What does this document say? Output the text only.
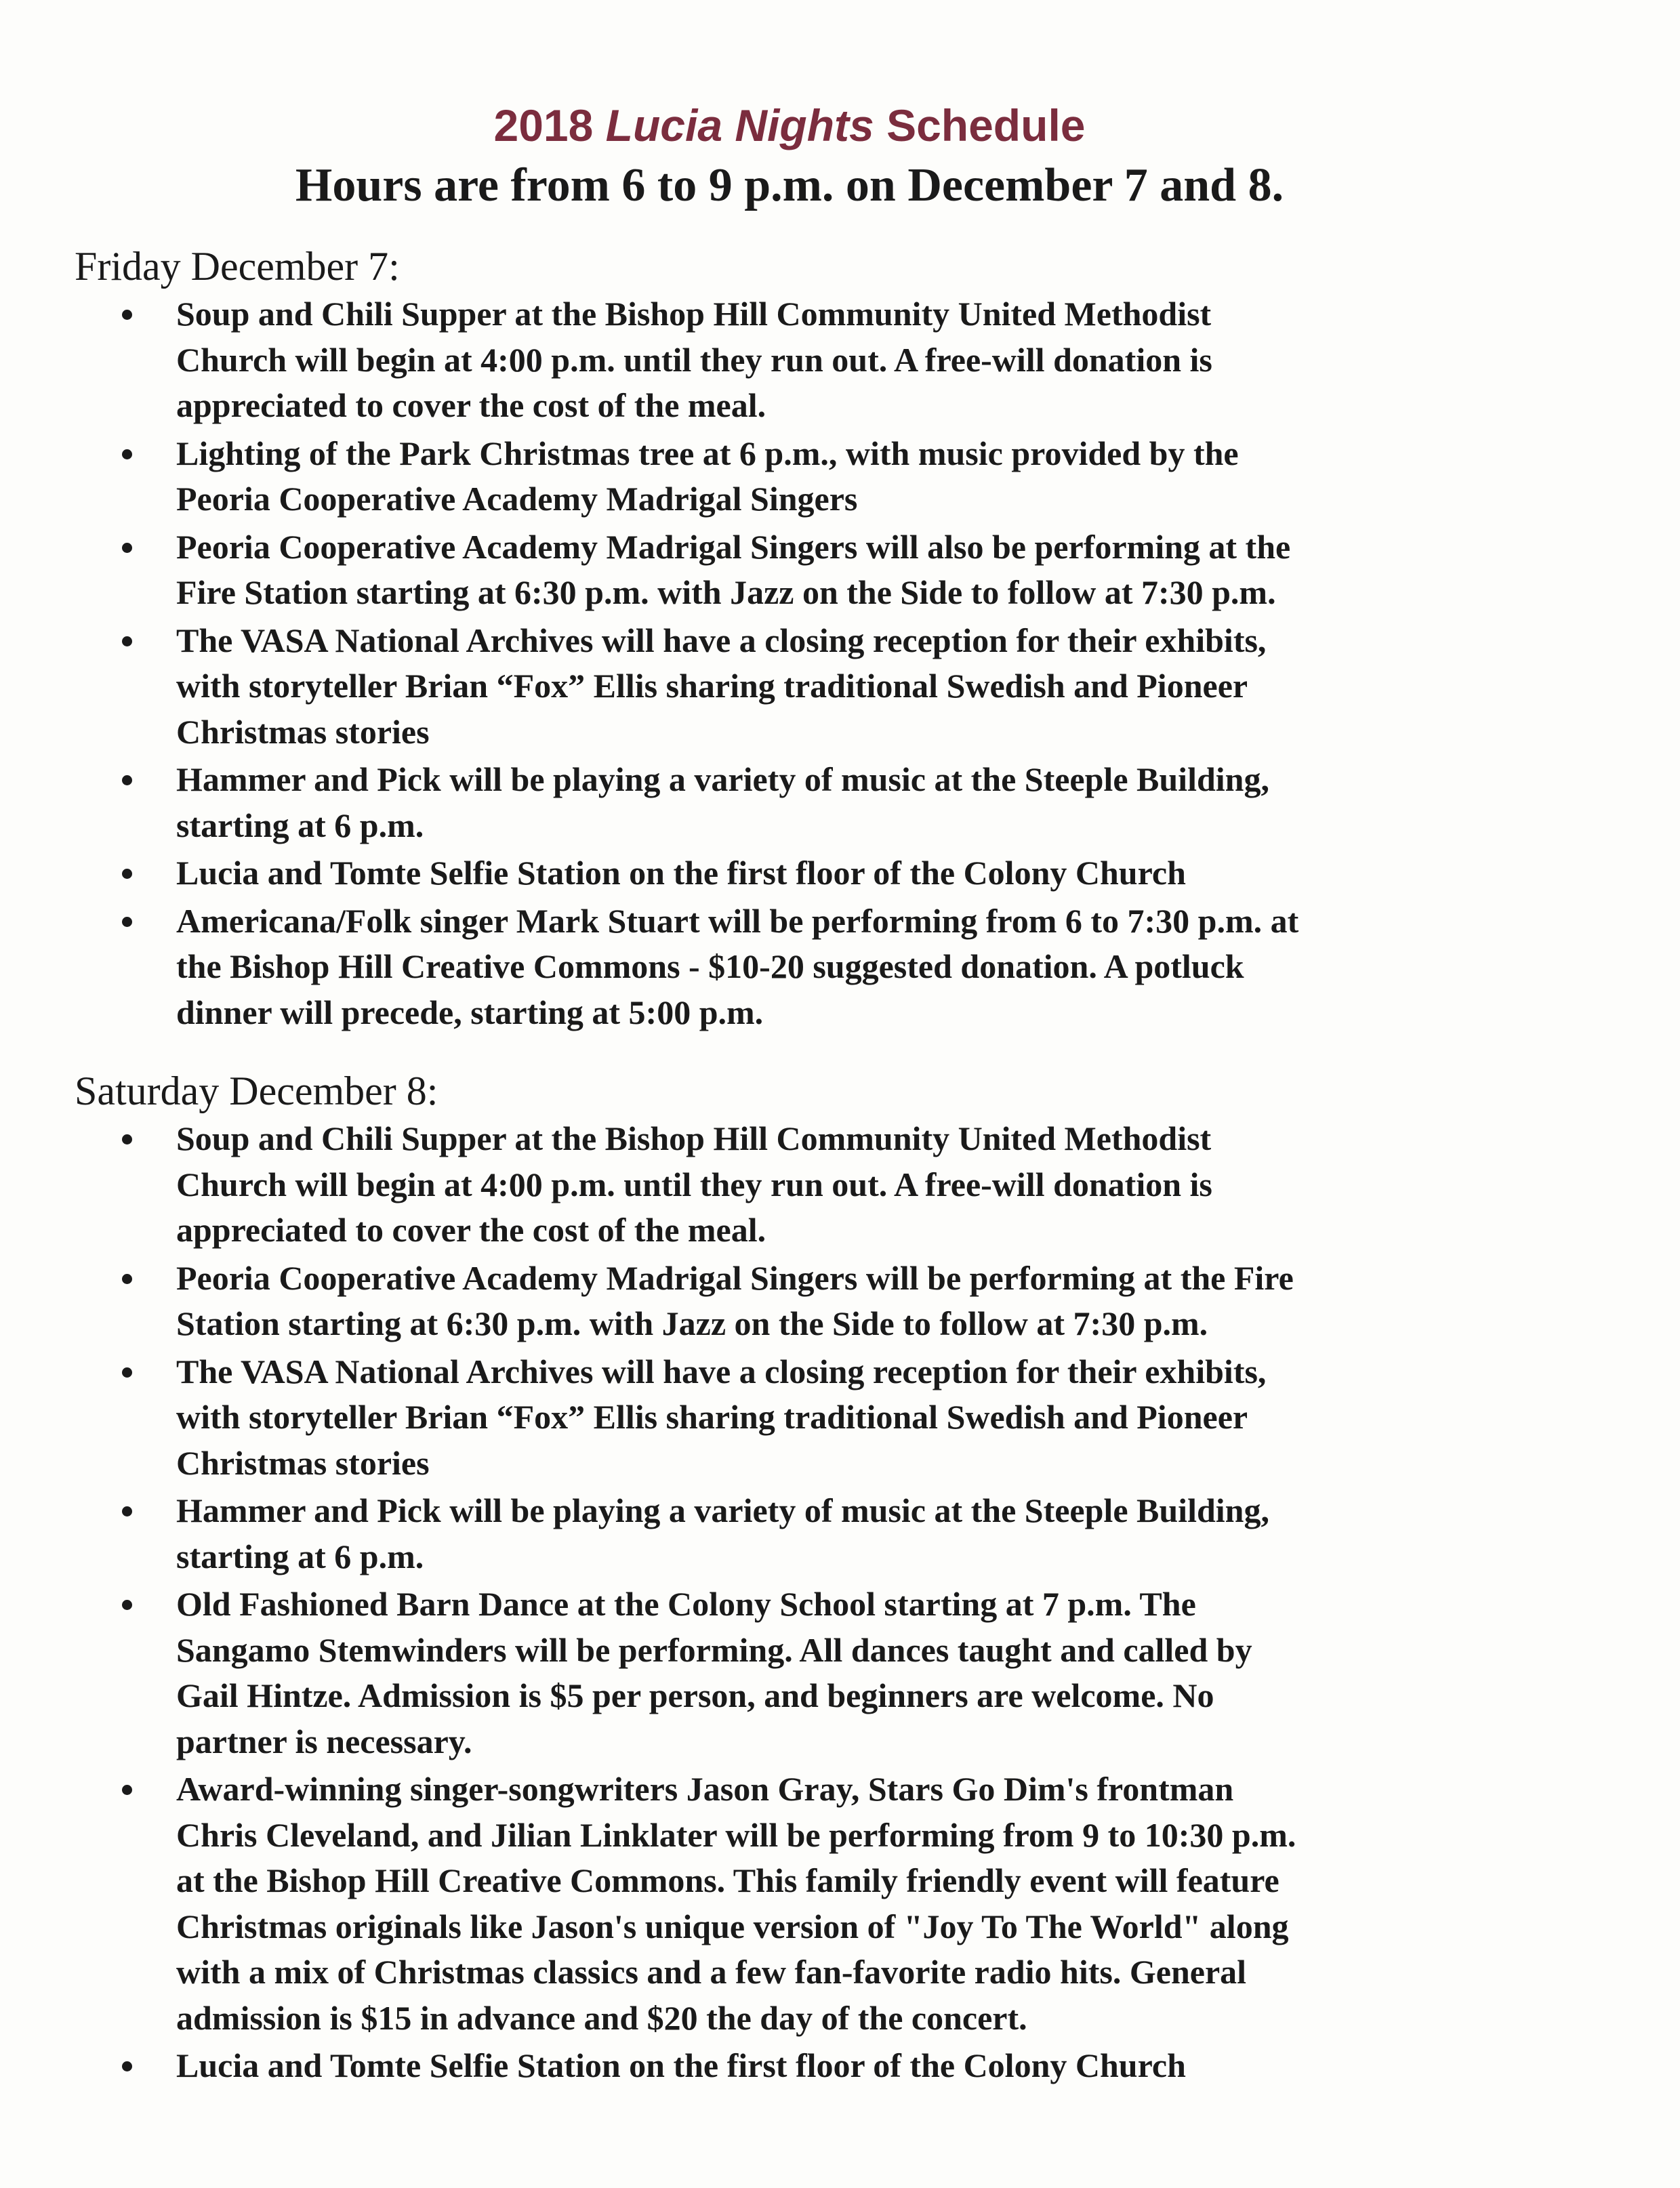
2018 Lucia Nights Schedule
Hours are from 6 to 9 p.m. on December 7 and 8.
Friday December 7:
Soup and Chili Supper at the Bishop Hill Community United Methodist
Church will begin at 4:00 p.m. until they run out. A free-will donation is
appreciated to cover the cost of the meal.
Lighting of the Park Christmas tree at 6 p.m., with music provided by the
Peoria Cooperative Academy Madrigal Singers
Peoria Cooperative Academy Madrigal Singers will also be performing at the
Fire Station starting at 6:30 p.m. with Jazz on the Side to follow at 7:30 p.m.
The VASA National Archives will have a closing reception for their exhibits,
with storyteller Brian “Fox” Ellis sharing traditional Swedish and Pioneer
Christmas stories
Hammer and Pick will be playing a variety of music at the Steeple Building,
starting at 6 p.m.
Lucia and Tomte Selfie Station on the first floor of the Colony Church
Americana/Folk singer Mark Stuart will be performing from 6 to 7:30 p.m. at
the Bishop Hill Creative Commons - $10-20 suggested donation. A potluck
dinner will precede, starting at 5:00 p.m.
Saturday December 8:
Soup and Chili Supper at the Bishop Hill Community United Methodist
Church will begin at 4:00 p.m. until they run out. A free-will donation is
appreciated to cover the cost of the meal.
Peoria Cooperative Academy Madrigal Singers will be performing at the Fire
Station starting at 6:30 p.m. with Jazz on the Side to follow at 7:30 p.m.
The VASA National Archives will have a closing reception for their exhibits,
with storyteller Brian “Fox” Ellis sharing traditional Swedish and Pioneer
Christmas stories
Hammer and Pick will be playing a variety of music at the Steeple Building,
starting at 6 p.m.
Old Fashioned Barn Dance at the Colony School starting at 7 p.m. The
Sangamo Stemwinders will be performing. All dances taught and called by
Gail Hintze. Admission is $5 per person, and beginners are welcome. No
partner is necessary.
Award-winning singer-songwriters Jason Gray, Stars Go Dim's frontman
Chris Cleveland, and Jilian Linklater will be performing from 9 to 10:30 p.m.
at the Bishop Hill Creative Commons. This family friendly event will feature
Christmas originals like Jason's unique version of "Joy To The World" along
with a mix of Christmas classics and a few fan-favorite radio hits. General
admission is $15 in advance and $20 the day of the concert.
Lucia and Tomte Selfie Station on the first floor of the Colony Church
